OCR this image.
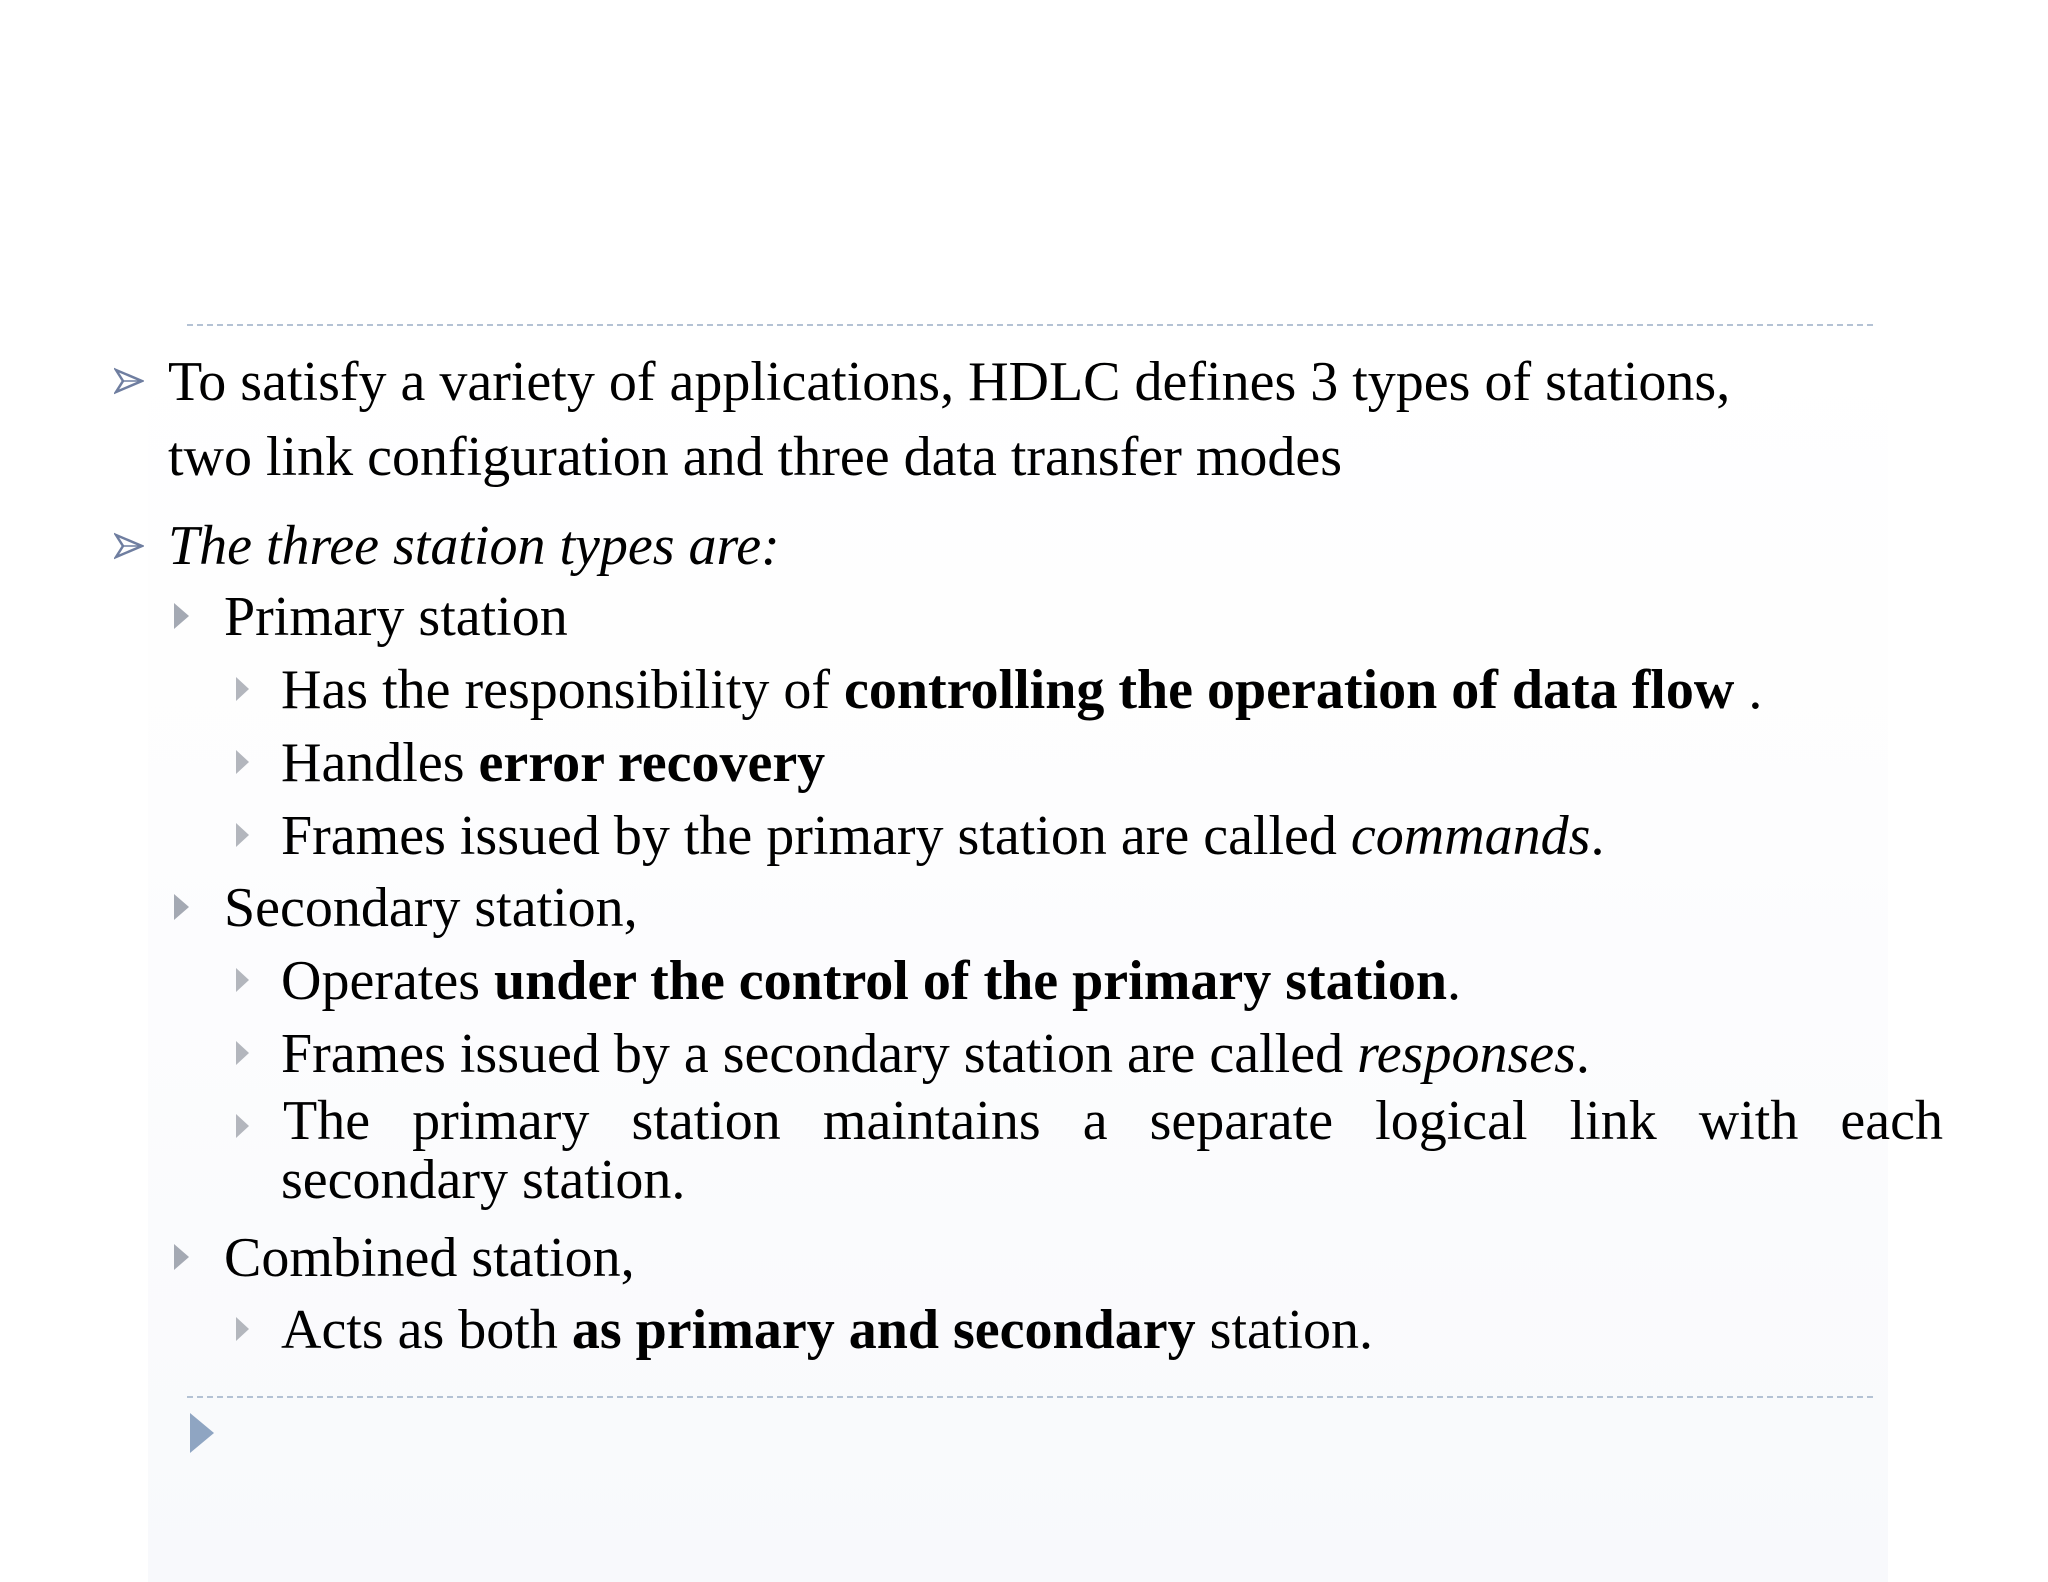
To satisfy a variety of applications, HDLC defines 3 types of stations,
two link configuration and three data transfer modes
The three station types are:
Primary station
Has the responsibility of controlling the operation of data flow .
Handles error recovery
Frames issued by the primary station are called commands.
Secondary station,
Operates under the control of the primary station.
Frames issued by a secondary station are called responses.
The primary station maintains a separate logical link with each
secondary station.
Combined station,
Acts as both as primary and secondary station.
